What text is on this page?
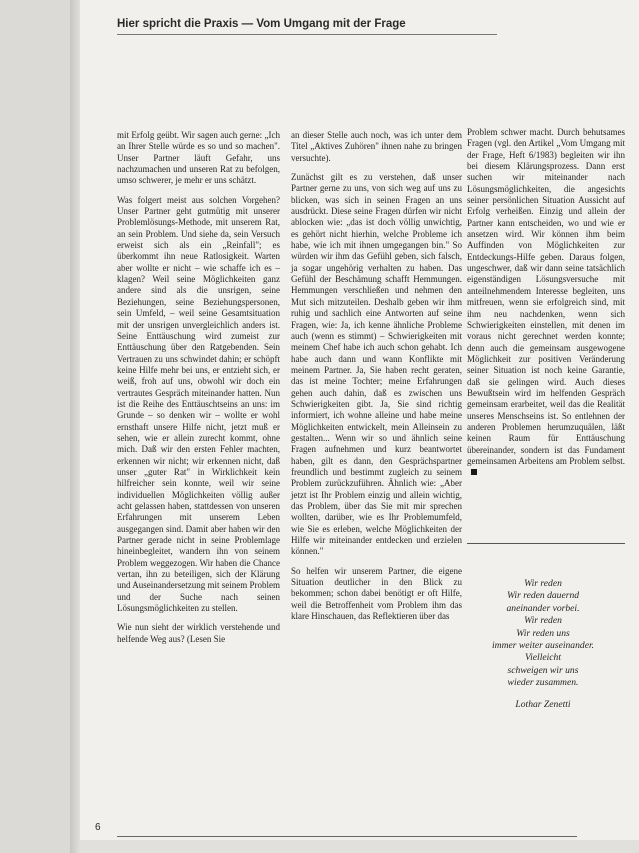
Hier spricht die Praxis — Vom Umgang mit der Frage

mit Erfolg geübt. Wir sagen auch gerne: „Ich an Ihrer Stelle würde es so und so machen". Unser Partner läuft Gefahr, uns nachzumachen und unseren Rat zu befolgen, umso schwerer, je mehr er uns schätzt.

Was folgert meist aus solchen Vorgehen? Unser Partner geht gutmütig mit unserer Problemlösungs-Methode, mit unserem Rat, an sein Problem. Und siehe da, sein Versuch erweist sich als ein „Reinfall"; es überkommt ihn neue Ratlosigkeit. Warten aber wollte er nicht – wie schaffe ich es – klagen? Weil seine Möglichkeiten ganz andere sind als die unsrigen, seine Beziehungen, seine Beziehungspersonen, sein Umfeld, – weil seine Gesamtsituation mit der unsrigen unvergleichlich anders ist. Seine Enttäuschung wird zumeist zur Enttäuschung über den Ratgebenden. Sein Vertrauen zu uns schwindet dahin; er schöpft keine Hilfe mehr bei uns, er entzieht sich, er weiß, froh auf uns, obwohl wir doch ein vertrautes Gespräch miteinander hatten. Nun ist die Reihe des Enttäuschtseins an uns: im Grunde – so denken wir – wollte er wohl ernsthaft unsere Hilfe nicht, jetzt muß er sehen, wie er allein zurecht kommt, ohne mich. Daß wir den ersten Fehler machten, erkennen wir nicht; wir erkennen nicht, daß unser „guter Rat" in Wirklichkeit kein hilfreicher sein konnte, weil wir seine individuellen Möglichkeiten völlig außer acht gelassen haben, stattdessen von unseren Erfahrungen mit unserem Leben ausgegangen sind. Damit aber haben wir den Partner gerade nicht in seine Problemlage hineinbegleitet, wandern ihn von seinem Problem weggezogen. Wir haben die Chance vertan, ihn zu beteiligen, sich der Klärung und Auseinandersetzung mit seinem Problem und der Suche nach seinen Lösungsmöglichkeiten zu stellen.

Wie nun sieht der wirklich verstehende und helfende Weg aus? (Lesen Sie

an dieser Stelle auch noch, was ich unter dem Titel „Aktives Zuhören" ihnen nahe zu bringen versuchte).

Zunächst gilt es zu verstehen, daß unser Partner gerne zu uns, von sich weg auf uns zu blicken, was sich in seinen Fragen an uns ausdrückt. Diese seine Fragen dürfen wir nicht ablocken wie: „das ist doch völlig unwichtig, es gehört nicht hierhin, welche Probleme ich habe, wie ich mit ihnen umgegangen bin." So würden wir ihm das Gefühl geben, sich falsch, ja sogar ungehörig verhalten zu haben. Das Gefühl der Beschämung schafft Hemmungen. Hemmungen verschließen und nehmen den Mut sich mitzuteilen. Deshalb geben wir ihm ruhig und sachlich eine Antworten auf seine Fragen, wie: Ja, ich kenne ähnliche Probleme auch (wenn es stimmt) – Schwierigkeiten mit meinem Chef habe ich auch schon gehabt. Ich habe auch dann und wann Konflikte mit meinem Partner. Ja, Sie haben recht geraten, das ist meine Tochter; meine Erfahrungen gehen auch dahin, daß es zwischen uns Schwierigkeiten gibt. Ja, Sie sind richtig informiert, ich wohne alleine und habe meine Möglichkeiten entwickelt, mein Alleinsein zu gestalten... Wenn wir so und ähnlich seine Fragen aufnehmen und kurz beantwortet haben, gilt es dann, den Gesprächspartner freundlich und bestimmt zugleich zu seinem Problem zurückzuführen. Ähnlich wie: „Aber jetzt ist Ihr Problem einzig und allein wichtig, das Problem, über das Sie mit mir sprechen wollten, darüber, wie es Ihr Problemumfeld, wie Sie es erleben, welche Möglichkeiten der Hilfe wir miteinander entdecken und erzielen können."

So helfen wir unserem Partner, die eigene Situation deutlicher in den Blick zu bekommen; schon dabei benötigt er oft Hilfe, weil die Betroffenheit vom Problem ihm das klare Hinschauen, das Reflektieren über das

Problem schwer macht. Durch behutsames Fragen (vgl. den Artikel „Vom Umgang mit der Frage, Heft 6/1983) begleiten wir ihn bei diesem Klärungsprozess. Dann erst suchen wir miteinander nach Lösungsmöglichkeiten, die angesichts seiner persönlichen Situation Aussicht auf Erfolg verheißen. Einzig und allein der Partner kann entscheiden, wo und wie er ansetzen wird. Wir können ihm beim Auffinden von Möglichkeiten zur Entdeckungs-Hilfe geben. Daraus folgen, ungeschwer, daß wir dann seine tatsächlich eigenständigen Lösungsversuche mit anteilnehmendem Interesse begleiten, uns mitfreuen, wenn sie erfolgreich sind, mit ihm neu nachdenken, wenn sich Schwierigkeiten einstellen, mit denen im voraus nicht gerechnet werden konnte; denn auch die gemeinsam ausgewogene Möglichkeit zur positiven Veränderung seiner Situation ist noch keine Garantie, daß sie gelingen wird. Auch dieses Bewußtsein wird im helfenden Gespräch gemeinsam erarbeitet, weil das die Realität unseres Menschseins ist. So entlehnen der anderen Problemen herumzuquälen, läßt keinen Raum für Enttäuschung übereinander, sondern ist das Fundament gemeinsamen Arbeitens am Problem selbst.

Wir reden
Wir reden dauernd
aneinander vorbei.
Wir reden
Wir reden uns
immer weiter auseinander.
Vielleicht
schweigen wir uns
wieder zusammen.
Lothar Zenetti
6
